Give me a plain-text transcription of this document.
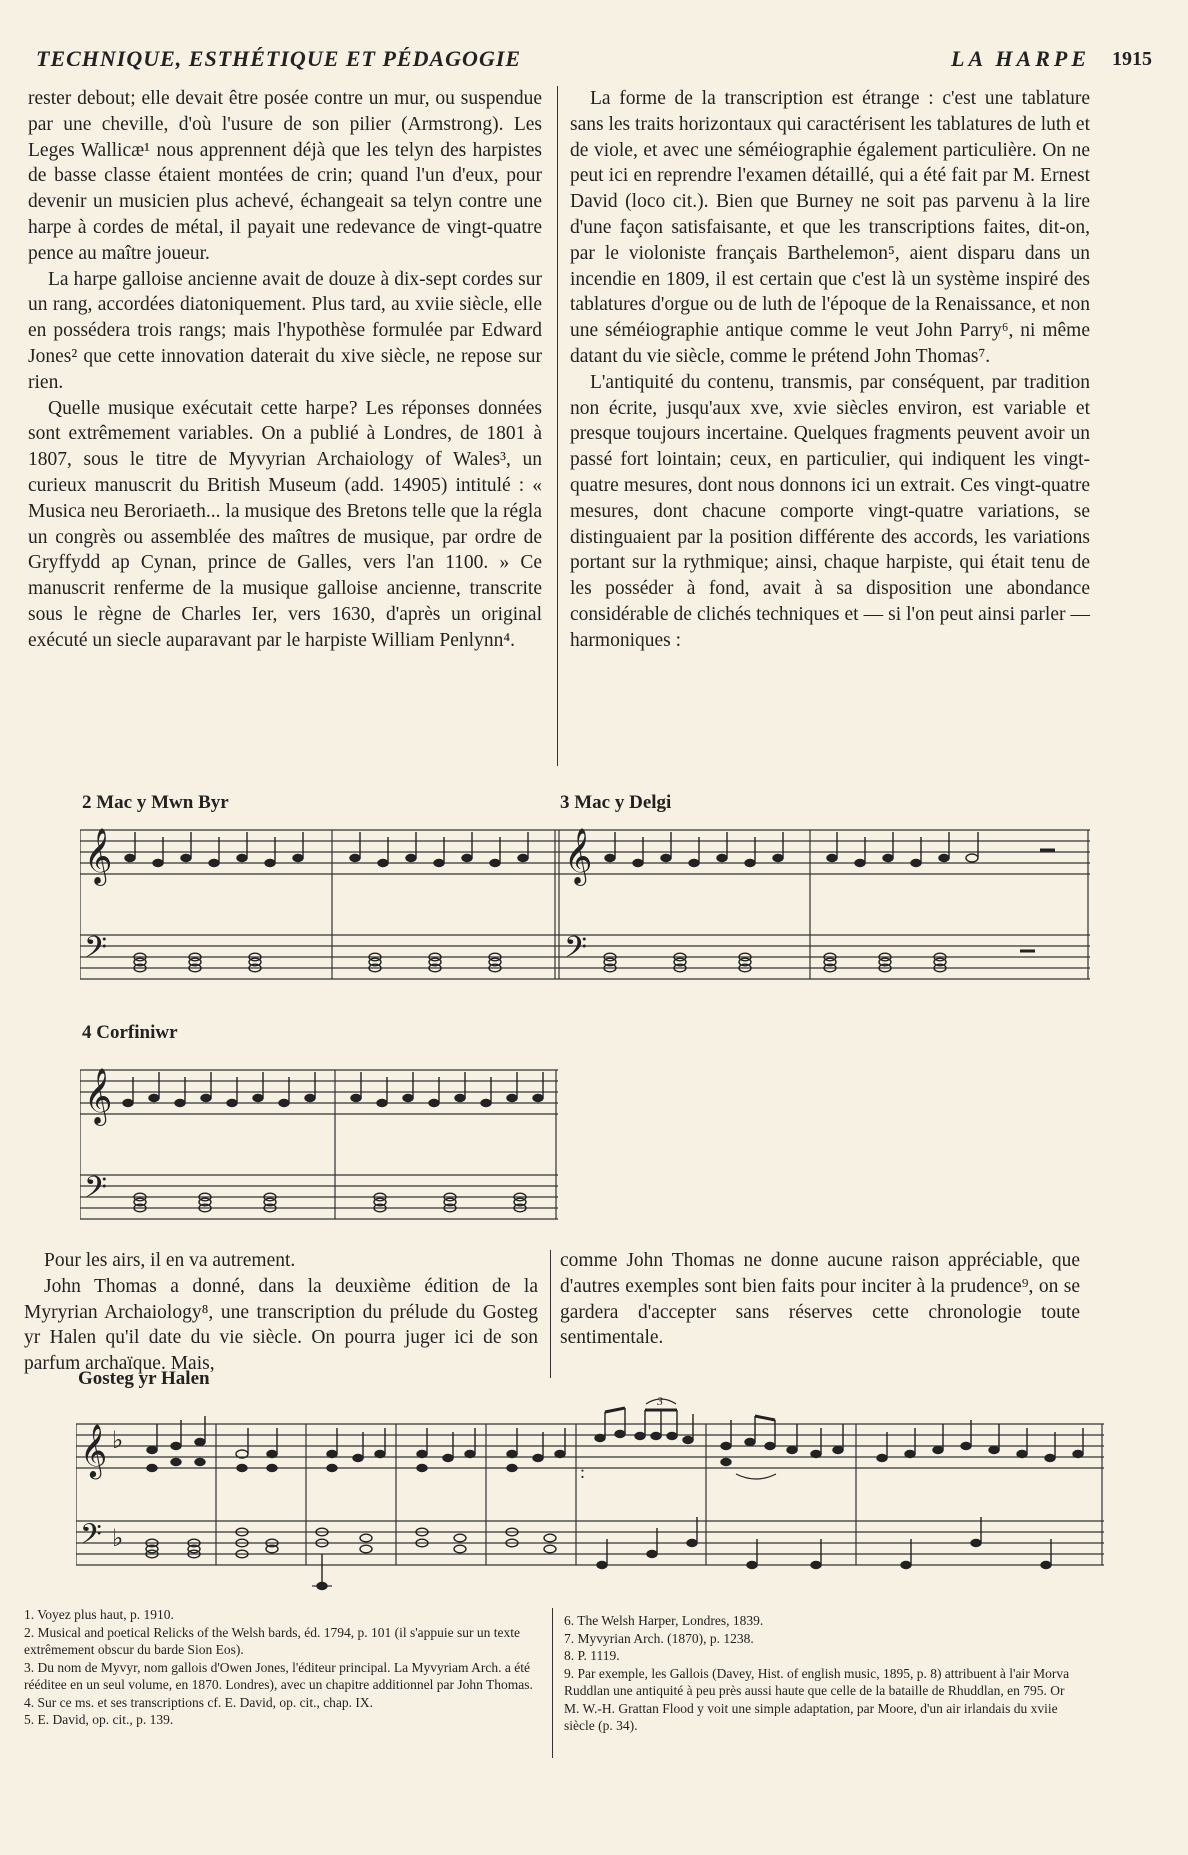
TECHNIQUE, ESTHÉTIQUE ET PÉDAGOGIE	LA HARPE 1915

rester debout; elle devait être posée contre un mur, ou suspendue par une cheville, d'où l'usure de son pilier (Armstrong). Les Leges Wallicæ¹ nous apprennent déjà que les telyn des harpistes de basse classe étaient montées de crin; quand l'un d'eux, pour devenir un musicien plus achevé, échangeait sa telyn contre une harpe à cordes de métal, il payait une redevance de vingt-quatre pence au maître joueur.

La harpe galloise ancienne avait de douze à dix-sept cordes sur un rang, accordées diatoniquement. Plus tard, au xviie siècle, elle en possédera trois rangs; mais l'hypothèse formulée par Edward Jones² que cette innovation daterait du xive siècle, ne repose sur rien.

Quelle musique exécutait cette harpe? Les réponses données sont extrêmement variables. On a publié à Londres, de 1801 à 1807, sous le titre de Myvyrian Archaiology of Wales³, un curieux manuscrit du British Museum (add. 14905) intitulé : « Musica neu Beroriaeth... la musique des Bretons telle que la régla un congrès ou assemblée des maîtres de musique, par ordre de Gryffydd ap Cynan, prince de Galles, vers l'an 1100. » Ce manuscrit renferme de la musique galloise ancienne, transcrite sous le règne de Charles Ier, vers 1630, d'après un original exécuté un siecle auparavant par le harpiste William Penlynn⁴.

La forme de la transcription est étrange : c'est une tablature sans les traits horizontaux qui caractérisent les tablatures de luth et de viole, et avec une séméiographie également particulière. On ne peut ici en reprendre l'examen détaillé, qui a été fait par M. Ernest David (loco cit.). Bien que Burney ne soit pas parvenu à la lire d'une façon satisfaisante, et que les transcriptions faites, dit-on, par le violoniste français Barthelemon⁵, aient disparu dans un incendie en 1809, il est certain que c'est là un système inspiré des tablatures d'orgue ou de luth de l'époque de la Renaissance, et non une séméiographie antique comme le veut John Parry⁶, ni même datant du vie siècle, comme le prétend John Thomas⁷.

L'antiquité du contenu, transmis, par conséquent, par tradition non écrite, jusqu'aux xve, xvie siècles environ, est variable et presque toujours incertaine. Quelques fragments peuvent avoir un passé fort lointain; ceux, en particulier, qui indiquent les vingt-quatre mesures, dont nous donnons ici un extrait. Ces vingt-quatre mesures, dont chacune comporte vingt-quatre variations, se distinguaient par la position différente des accords, les variations portant sur la rythmique; ainsi, chaque harpiste, qui était tenu de les posséder à fond, avait à sa disposition une abondance considérable de clichés techniques et — si l'on peut ainsi parler — harmoniques :

2 Mac y Mwn Byr	3 Mac y Delgi
𝄞
𝄢
𝄞
𝄢
4 Corfiniwr
𝄞
𝄢

Pour les airs, il en va autrement.

John Thomas a donné, dans la deuxième édition de la Myryrian Archaiology⁸, une transcription du prélude du Gosteg yr Halen qu'il date du vie siècle. On pourra juger ici de son parfum archaïque. Mais,

comme John Thomas ne donne aucune raison appréciable, que d'autres exemples sont bien faits pour inciter à la prudence⁹, on se gardera d'accepter sans réserves cette chronologie toute sentimentale.

Gosteg yr Halen
𝄞 ♭
𝄢 ♭
:
3
1. Voyez plus haut, p. 1910.
2. Musical and poetical Relicks of the Welsh bards, éd. 1794, p. 101 (il s'appuie sur un texte extrêmement obscur du barde Sion Eos).
3. Du nom de Myvyr, nom gallois d'Owen Jones, l'éditeur principal. La Myvyriam Arch. a été rééditee en un seul volume, en 1870. Londres), avec un chapitre additionnel par John Thomas.
4. Sur ce ms. et ses transcriptions cf. E. David, op. cit., chap. IX.
5. E. David, op. cit., p. 139.
6. The Welsh Harper, Londres, 1839.
7. Myvyrian Arch. (1870), p. 1238.
8. P. 1119.
9. Par exemple, les Gallois (Davey, Hist. of english music, 1895, p. 8) attribuent à l'air Morva Ruddlan une antiquité à peu près aussi haute que celle de la bataille de Rhuddlan, en 795. Or M. W.-H. Grattan Flood y voit une simple adaptation, par Moore, d'un air irlandais du xviie siècle (p. 34).
